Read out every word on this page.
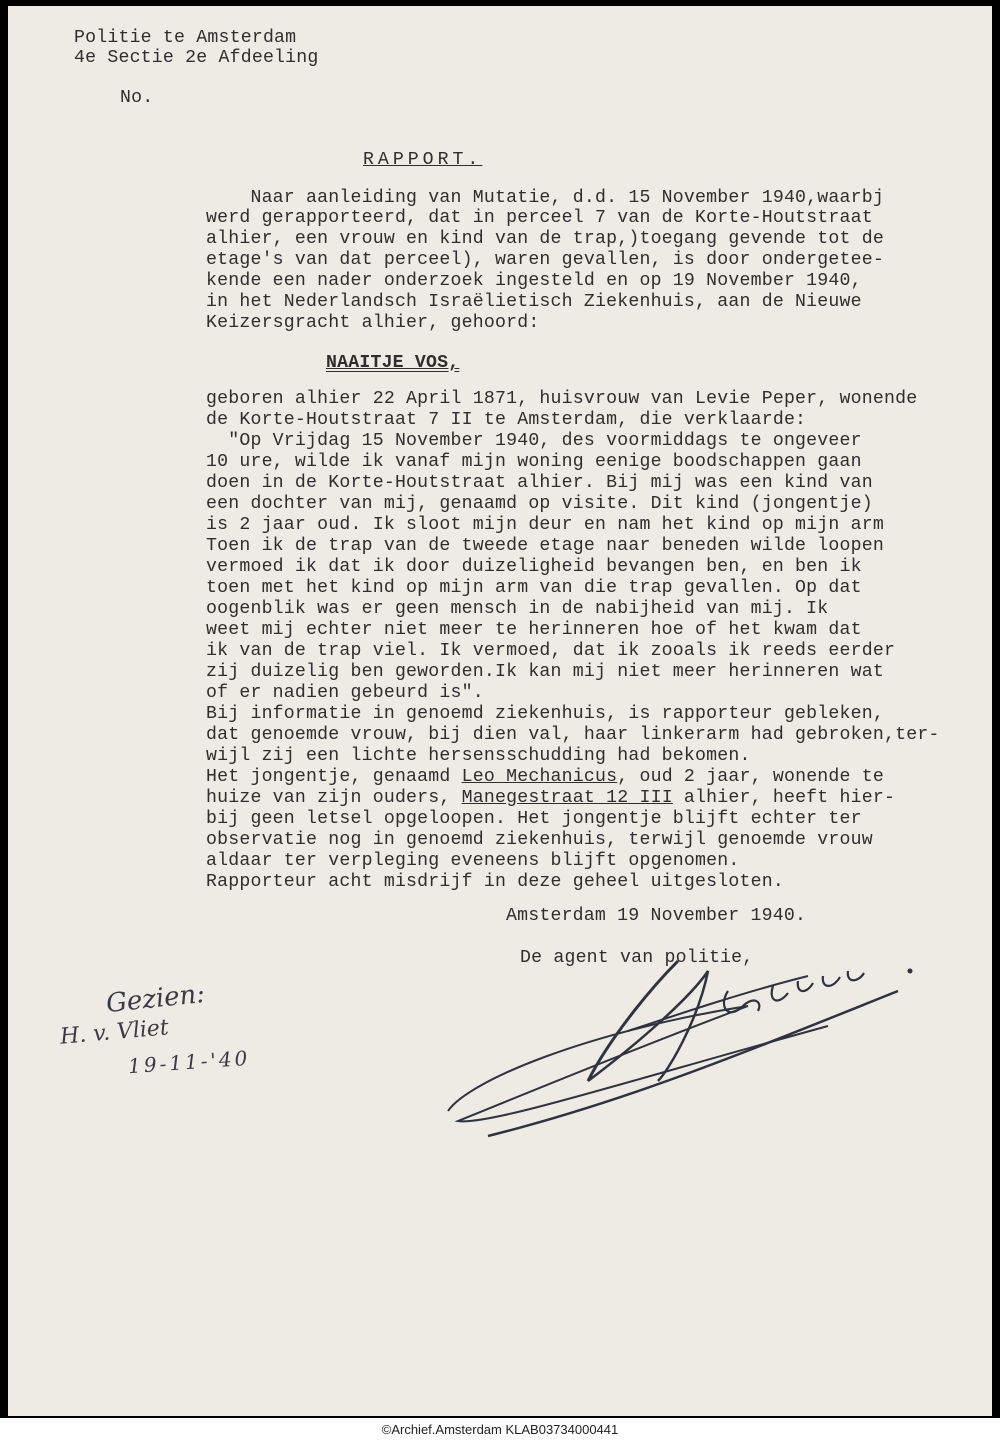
Politie te Amsterdam
4e Sectie 2e Afdeeling
No.
RAPPORT.
Naar aanleiding van Mutatie, d.d. 15 November 1940,waarbj
werd gerapporteerd, dat in perceel 7 van de Korte-Houtstraat
alhier, een vrouw en kind van de trap,)toegang gevende tot de
etage's van dat perceel), waren gevallen, is door ondergetee-
kende een nader onderzoek ingesteld en op 19 November 1940,
in het Nederlandsch Israëlietisch Ziekenhuis, aan de Nieuwe
Keizersgracht alhier, gehoord:
NAAITJE VOS,
geboren alhier 22 April 1871, huisvrouw van Levie Peper, wonende
de Korte-Houtstraat 7 II te Amsterdam, die verklaarde:
"Op Vrijdag 15 November 1940, des voormiddags te ongeveer
10 ure, wilde ik vanaf mijn woning eenige boodschappen gaan
doen in de Korte-Houtstraat alhier. Bij mij was een kind van
een dochter van mij, genaamd op visite. Dit kind (jongentje)
is 2 jaar oud. Ik sloot mijn deur en nam het kind op mijn arm
Toen ik de trap van de tweede etage naar beneden wilde loopen
vermoed ik dat ik door duizeligheid bevangen ben, en ben ik
toen met het kind op mijn arm van die trap gevallen. Op dat
oogenblik was er geen mensch in de nabijheid van mij. Ik
weet mij echter niet meer te herinneren hoe of het kwam dat
ik van de trap viel. Ik vermoed, dat ik zooals ik reeds eerder
zij duizelig ben geworden.Ik kan mij niet meer herinneren wat
of er nadien gebeurd is".
Bij informatie in genoemd ziekenhuis, is rapporteur gebleken,
dat genoemde vrouw, bij dien val, haar linkerarm had gebroken,ter-
wijl zij een lichte hersensschudding had bekomen.
Het jongentje, genaamd Leo Mechanicus, oud 2 jaar, wonende te
huize van zijn ouders, Manegestraat 12 III alhier, heeft hier-
bij geen letsel opgeloopen. Het jongentje blijft echter ter
observatie nog in genoemd ziekenhuis, terwijl genoemde vrouw
aldaar ter verpleging eveneens blijft opgenomen.
Rapporteur acht misdrijf in deze geheel uitgesloten.
Amsterdam 19 November 1940.
De agent van politie,
Gezien:
H. v. Vliet
19-11-'40
©Archief.Amsterdam KLAB03734000441
